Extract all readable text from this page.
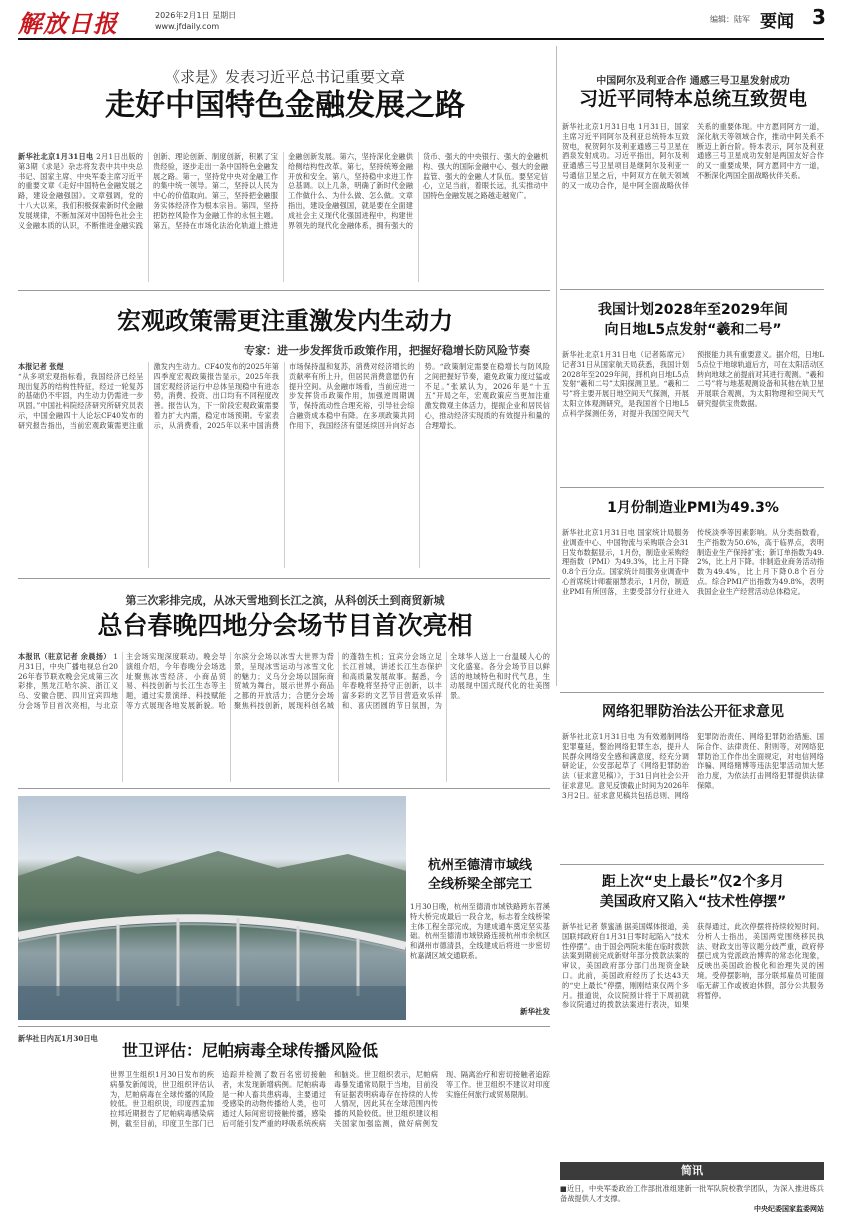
解放日报	2026年2月1日 星期日
www.jfdaily.com
编辑：陆军 要闻 3
《求是》发表习近平总书记重要文章
走好中国特色金融发展之路
新华社北京1月31日电 2月1日出版的第3期《求是》杂志将发表中共中央总书记、国家主席、中央军委主席习近平的重要文章《走好中国特色金融发展之路，建设金融强国》。文章强调，党的十八大以来，我们积极探索新时代金融发展规律，不断加深对中国特色社会主义金融本质的认识，不断推进金融实践创新、理论创新、制度创新，积累了宝贵经验，逐步走出一条中国特色金融发展之路。第一，坚持党中央对金融工作的集中统一领导。第二，坚持以人民为中心的价值取向。第三，坚持把金融服务实体经济作为根本宗旨。第四，坚持把防控风险作为金融工作的永恒主题。第五，坚持在市场化法治化轨道上推进金融创新发展。第六，坚持深化金融供给侧结构性改革。第七，坚持统筹金融开放和安全。第八，坚持稳中求进工作总基调。以上几条，明确了新时代金融工作做什么、为什么做、怎么做。文章指出，建设金融强国，就是要在全面建成社会主义现代化强国进程中，构建世界领先的现代化金融体系，拥有强大的货币、强大的中央银行、强大的金融机构、强大的国际金融中心、强大的金融监管、强大的金融人才队伍。要坚定信心，立足当前，着眼长远，扎实推动中国特色金融发展之路越走越宽广。
中国阿尔及利亚合作 通感三号卫星发射成功
习近平同特本总统互致贺电
新华社北京1月31日电 1月31日，国家主席习近平同阿尔及利亚总统特本互致贺电，祝贺阿尔及利亚通感三号卫星在酒泉发射成功。习近平指出，阿尔及利亚通感三号卫星项目是继阿尔及利亚一号通信卫星之后，中阿双方在航天领域的又一成功合作，是中阿全面战略伙伴关系的重要体现。中方愿同阿方一道，深化航天等领域合作，推动中阿关系不断迈上新台阶。特本表示，阿尔及利亚通感三号卫星成功发射是两国友好合作的又一重要成果，阿方愿同中方一道，不断深化两国全面战略伙伴关系。
我国计划2028年至2029年间
向日地L5点发射“羲和二号”
新华社北京1月31日电（记者陈席元）记者31日从国家航天局获悉，我国计划2028年至2029年间，择机向日地L5点发射“羲和二号”太阳探测卫星。“羲和二号”将主要开展日地空间天气探测，开展太阳立体观测研究，是我国首个日地L5点科学探测任务，对提升我国空间天气预报能力具有重要意义。据介绍，日地L5点位于地球轨道后方，可在太阳活动区转向地球之前提前对其进行观测。“羲和二号”将与地基观测设备和其他在轨卫星开展联合观测，为太阳物理和空间天气研究提供宝贵数据。
1月份制造业PMI为49.3%
新华社北京1月31日电 国家统计局服务业调查中心、中国物流与采购联合会31日发布数据显示，1月份，制造业采购经理指数（PMI）为49.3%，比上月下降0.8个百分点。国家统计局服务业调查中心首席统计师霍丽慧表示，1月份，制造业PMI有所回落，主要受部分行业进入传统淡季等因素影响。从分类指数看，生产指数为50.6%，高于临界点，表明制造业生产保持扩张；新订单指数为49.2%，比上月下降。非制造业商务活动指数为49.4%，比上月下降0.8个百分点。综合PMI产出指数为49.8%，表明我国企业生产经营活动总体稳定。
宏观政策需更注重激发内生动力
专家：进一步发挥货币政策作用，把握好稳增长防风险节奏
本报记者 张煜
“从多项宏观指标看，我国经济已经呈现出复苏的结构性特征，经过一轮复苏的基础仍不牢固，内生动力仍需进一步巩固。”中国社科院经济研究所研究员表示，中国金融四十人论坛CF40发布的研究报告指出，当前宏观政策需更注重激发内生动力。CF40发布的2025年第四季度宏观政策报告显示，2025年我国宏观经济运行中总体呈现稳中有进态势，消费、投资、出口均有不同程度改善。报告认为，下一阶段宏观政策需要着力扩大内需，稳定市场预期。专家表示，从消费看，2025年以来中国消费市场保持温和复苏，消费对经济增长的贡献率有所上升，但居民消费意愿仍有提升空间。从金融市场看，当前应进一步发挥货币政策作用，加强逆周期调节，保持流动性合理充裕，引导社会综合融资成本稳中有降。在多项政策共同作用下，我国经济有望延续回升向好态势。“政策制定需要在稳增长与防风险之间把握好节奏，避免政策力度过猛或不足。”张斌认为，2026年是“十五五”开局之年，宏观政策应当更加注重激发微观主体活力，提振企业和居民信心，推动经济实现质的有效提升和量的合理增长。
第三次彩排完成，从冰天雪地到长江之滨，从科创沃土到商贸新城
总台春晚四地分会场节目首次亮相
本报讯（驻京记者 余晨扬） 1月31日，中央广播电视总台2026年春节联欢晚会完成第三次彩排，黑龙江哈尔滨、浙江义乌、安徽合肥、四川宜宾四地分会场节目首次亮相，与北京主会场实现深度联动。晚会导演组介绍，今年春晚分会场选址聚焦冰雪经济、小商品贸易、科技创新与长江生态等主题，通过实景演绎、科技赋能等方式展现各地发展新貌。哈尔滨分会场以冰雪大世界为背景，呈现冰雪运动与冰雪文化的魅力；义乌分会场以国际商贸城为舞台，展示世界小商品之都的开放活力；合肥分会场聚焦科技创新，展现科创名城的蓬勃生机；宜宾分会场立足长江首城，讲述长江生态保护和高质量发展故事。据悉，今年春晚将坚持守正创新，以丰富多彩的文艺节目营造欢乐祥和、喜庆团圆的节日氛围，为全球华人送上一台温暖人心的文化盛宴。各分会场节目以鲜活的地域特色和时代气息，生动展现中国式现代化的壮美图景。
网络犯罪防治法公开征求意见
新华社北京1月31日电 为有效遏制网络犯罪蔓延，整治网络犯罪生态，提升人民群众网络安全感和满意度，经充分调研论证，公安部起草了《网络犯罪防治法（征求意见稿）》，于31日向社会公开征求意见。意见反馈截止时间为2026年3月2日。征求意见稿共包括总则、网络犯罪防治责任、网络犯罪防治措施、国际合作、法律责任、附则等，对网络犯罪防治工作作出全面规定，对电信网络诈骗、网络赌博等违法犯罪活动加大惩治力度，为依法打击网络犯罪提供法律保障。
距上次“史上最长”仅2个多月
美国政府又陷入“技术性停摆”
新华社记者 蔡蜜涵 据美国媒体报道，美国联邦政府自1月31日零时起陷入“技术性停摆”。由于国会两院未能在临时拨款法案到期前完成新财年部分拨款法案的审议，美国政府部分部门出现资金缺口。此前，美国政府经历了长达43天的“史上最长”停摆，刚刚结束仅两个多月。报道说，众议院预计将于下周初就参议院通过的拨款法案进行表决，如果获得通过，此次停摆将持续较短时间。分析人士指出，美国两党围绕移民执法、财政支出等议题分歧严重，政府停摆已成为党派政治博弈的常态化现象，反映出美国政治极化和治理失灵的困境。受停摆影响，部分联邦雇员可能面临无薪工作或被迫休假，部分公共服务将暂停。
杭州至德清市域线
全线桥梁全部完工
1月30日晚，杭州至德清市域铁路跨东苕溪特大桥完成最后一段合龙，标志着全线桥梁主体工程全部完成，为建成通车奠定坚实基础。杭州至德清市域铁路连接杭州市余杭区和湖州市德清县，全线建成后将进一步密切杭嘉湖区域交通联系。
新华社发
新华社日内瓦1月30日电
世卫评估：尼帕病毒全球传播风险低
世界卫生组织1月30日发布的疾病暴发新闻说，世卫组织评估认为，尼帕病毒在全球传播的风险较低。世卫组织说，印度西孟加拉邦近期报告了尼帕病毒感染病例，截至目前，印度卫生部门已追踪并检测了数百名密切接触者，未发现新增病例。尼帕病毒是一种人畜共患病毒，主要通过受感染的动物传播给人类，也可通过人际间密切接触传播，感染后可能引发严重的呼吸系统疾病和脑炎。世卫组织表示，尼帕病毒暴发通常局限于当地，目前没有证据表明病毒存在持续的人传人情况，因此其在全球范围内传播的风险较低。世卫组织建议相关国家加强监测，做好病例发现、隔离治疗和密切接触者追踪等工作。世卫组织不建议对印度实施任何旅行或贸易限制。
简讯
■近日，中央军委政治工作部批准组建新一批军队院校教学团队，为深入推进练兵备战提供人才支撑。
中央纪委国家监委网站
